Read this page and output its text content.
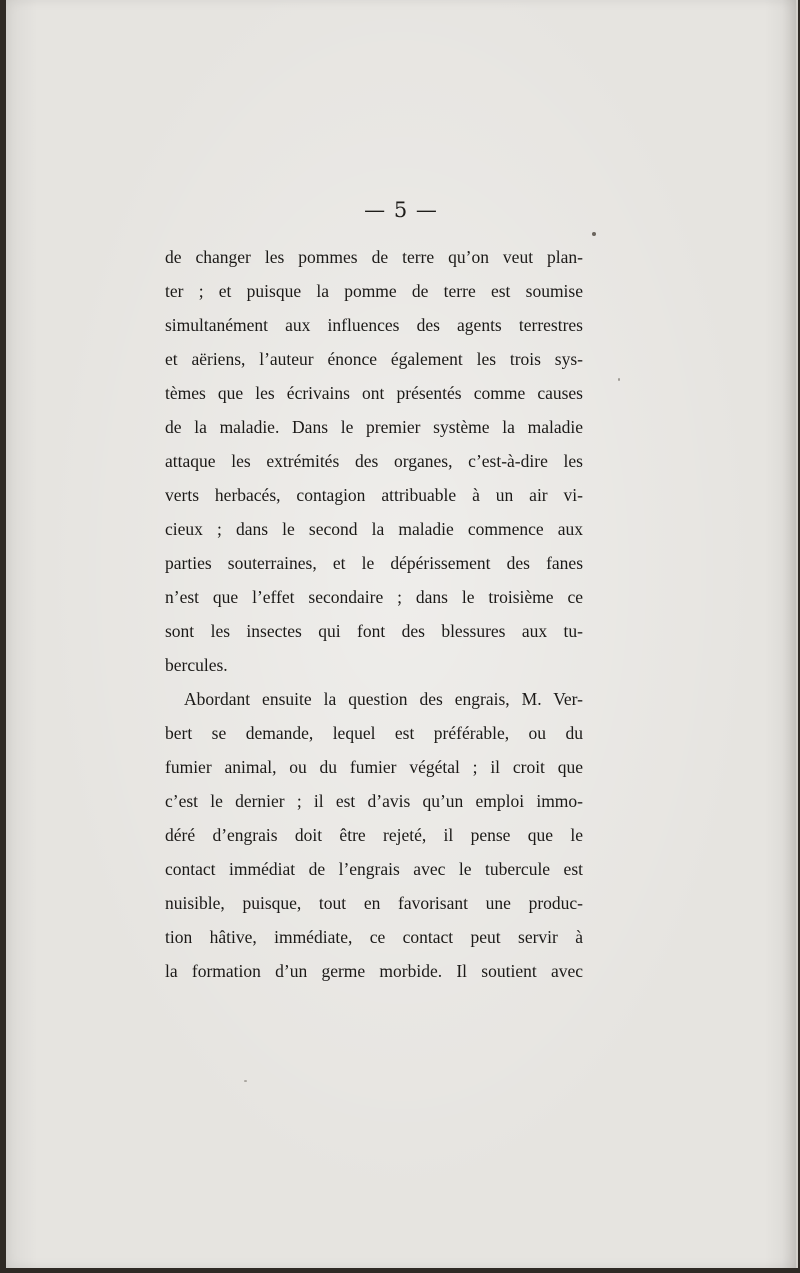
— 5 —
de changer les pommes de terre qu’on veut plan-
ter ; et puisque la pomme de terre est soumise
simultanément aux influences des agents terrestres
et aëriens, l’auteur énonce également les trois sys-
tèmes que les écrivains ont présentés comme causes
de la maladie. Dans le premier système la maladie
attaque les extrémités des organes, c’est-à-dire les
verts herbacés, contagion attribuable à un air vi-
cieux ; dans le second la maladie commence aux
parties souterraines, et le dépérissement des fanes
n’est que l’effet secondaire ; dans le troisième ce
sont les insectes qui font des blessures aux tu-
bercules.
Abordant ensuite la question des engrais, M. Ver-
bert se demande, lequel est préférable, ou du
fumier animal, ou du fumier végétal ; il croit que
c’est le dernier ; il est d’avis qu’un emploi immo-
déré d’engrais doit être rejeté, il pense que le
contact immédiat de l’engrais avec le tubercule est
nuisible, puisque, tout en favorisant une produc-
tion hâtive, immédiate, ce contact peut servir à
la formation d’un germe morbide. Il soutient avec
